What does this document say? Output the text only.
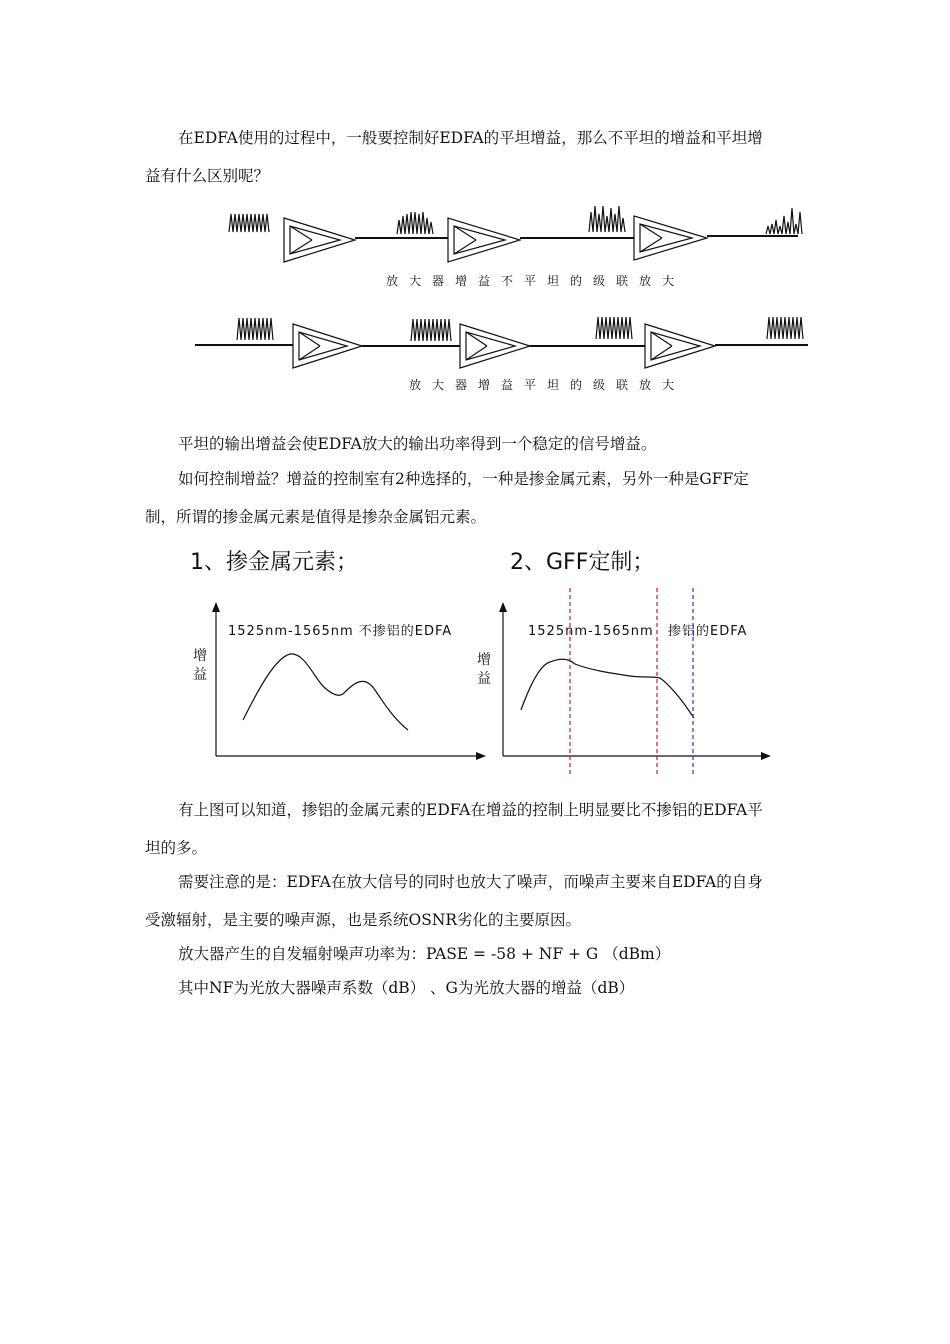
在EDFA使用的过程中，一般要控制好EDFA的平坦增益，那么不平坦的增益和平坦增

益有什么区别呢？

放大器增益不平坦的级联放大
放大器增益平坦的级联放大

平坦的输出增益会使EDFA放大的输出功率得到一个稳定的信号增益。

如何控制增益？增益的控制室有2种选择的，一种是掺金属元素，另外一种是GFF定

制，所谓的掺金属元素是值得是掺杂金属铝元素。

1、掺金属元素；	2、GFF定制；
1525nm-1565nm 不掺铝的EDFA
增
益
1525nm-1565nm 掺铝的EDFA
增
益

有上图可以知道，掺铝的金属元素的EDFA在增益的控制上明显要比不掺铝的EDFA平

坦的多。

需要注意的是：EDFA在放大信号的同时也放大了噪声，而噪声主要来自EDFA的自身

受激辐射，是主要的噪声源，也是系统OSNR劣化的主要原因。

放大器产生的自发辐射噪声功率为：PASE = -58 + NF + G （dBm）

其中NF为光放大器噪声系数（dB） 、G为光放大器的增益（dB）
